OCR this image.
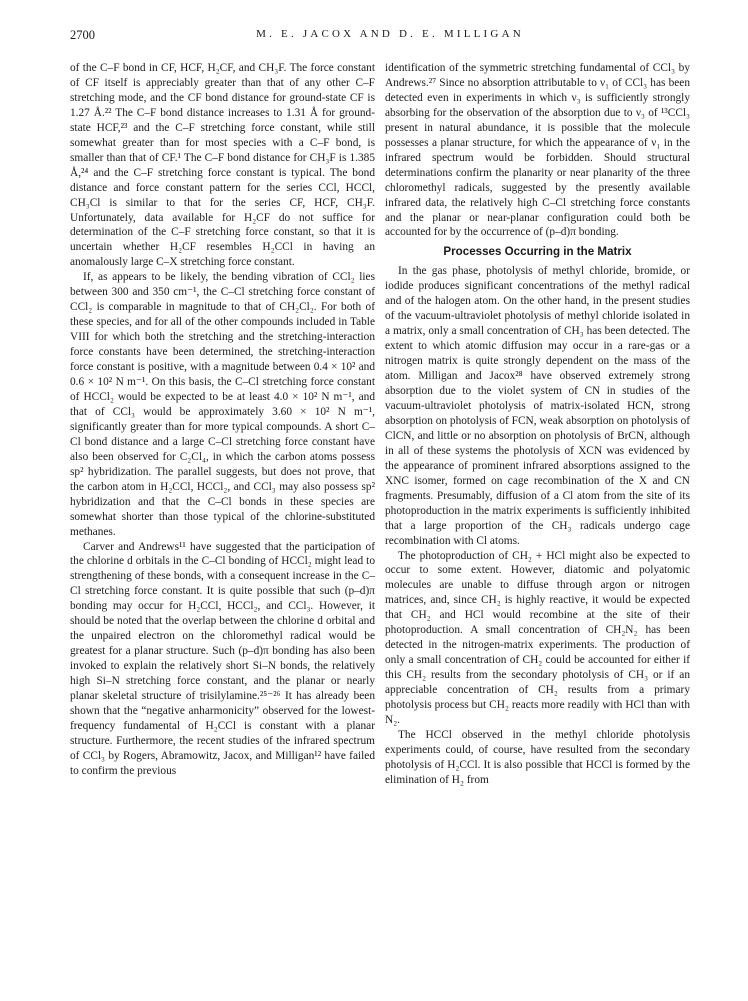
2700	M. E. JACOX AND D. E. MILLIGAN

of the C–F bond in CF, HCF, H₂CF, and CH₃F. The force constant of CF itself is appreciably greater than that of any other C–F stretching mode, and the CF bond distance for ground-state CF is 1.27 Å.²² The C–F bond distance increases to 1.31 Å for ground-state HCF,²³ and the C–F stretching force constant, while still somewhat greater than for most species with a C–F bond, is smaller than that of CF.¹ The C–F bond distance for CH₃F is 1.385 Å,²⁴ and the C–F stretching force constant is typical. The bond distance and force constant pattern for the series CCl, HCCl, CH₃Cl is similar to that for the series CF, HCF, CH₃F. Unfortunately, data available for H₂CF do not suffice for determination of the C–F stretching force constant, so that it is uncertain whether H₂CF resembles H₂CCl in having an anomalously large C–X stretching force constant.

If, as appears to be likely, the bending vibration of CCl₂ lies between 300 and 350 cm⁻¹, the C–Cl stretching force constant of CCl₂ is comparable in magnitude to that of CH₂Cl₂. For both of these species, and for all of the other compounds included in Table VIII for which both the stretching and the stretching-interaction force constants have been determined, the stretching-interaction force constant is positive, with a magnitude between 0.4 × 10² and 0.6 × 10² N m⁻¹. On this basis, the C–Cl stretching force constant of HCCl₂ would be expected to be at least 4.0 × 10² N m⁻¹, and that of CCl₃ would be approximately 3.60 × 10² N m⁻¹, significantly greater than for more typical compounds. A short C–Cl bond distance and a large C–Cl stretching force constant have also been observed for C₂Cl₄, in which the carbon atoms possess sp² hybridization. The parallel suggests, but does not prove, that the carbon atom in H₂CCl, HCCl₂, and CCl₃ may also possess sp² hybridization and that the C–Cl bonds in these species are somewhat shorter than those typical of the chlorine-substituted methanes.

Carver and Andrews¹¹ have suggested that the participation of the chlorine d orbitals in the C–Cl bonding of HCCl₂ might lead to strengthening of these bonds, with a consequent increase in the C–Cl stretching force constant. It is quite possible that such (p–d)π bonding may occur for H₂CCl, HCCl₂, and CCl₃. However, it should be noted that the overlap between the chlorine d orbital and the unpaired electron on the chloromethyl radical would be greatest for a planar structure. Such (p–d)π bonding has also been invoked to explain the relatively short Si–N bonds, the relatively high Si–N stretching force constant, and the planar or nearly planar skeletal structure of trisilylamine.²⁵⁻²⁶ It has already been shown that the “negative anharmonicity” observed for the lowest-frequency fundamental of H₂CCl is constant with a planar structure. Furthermore, the recent studies of the infrared spectrum of CCl₃ by Rogers, Abramowitz, Jacox, and Milligan¹² have failed to confirm the previous

identification of the symmetric stretching fundamental of CCl₃ by Andrews.²⁷ Since no absorption attributable to ν₁ of CCl₃ has been detected even in experiments in which ν₃ is sufficiently strongly absorbing for the observation of the absorption due to ν₃ of ¹³CCl₃ present in natural abundance, it is possible that the molecule possesses a planar structure, for which the appearance of ν₁ in the infrared spectrum would be forbidden. Should structural determinations confirm the planarity or near planarity of the three chloromethyl radicals, suggested by the presently available infrared data, the relatively high C–Cl stretching force constants and the planar or near-planar configuration could both be accounted for by the occurrence of (p–d)π bonding.

Processes Occurring in the Matrix

In the gas phase, photolysis of methyl chloride, bromide, or iodide produces significant concentrations of the methyl radical and of the halogen atom. On the other hand, in the present studies of the vacuum-ultraviolet photolysis of methyl chloride isolated in a matrix, only a small concentration of CH₃ has been detected. The extent to which atomic diffusion may occur in a rare-gas or a nitrogen matrix is quite strongly dependent on the mass of the atom. Milligan and Jacox²⁸ have observed extremely strong absorption due to the violet system of CN in studies of the vacuum-ultraviolet photolysis of matrix-isolated HCN, strong absorption on photolysis of FCN, weak absorption on photolysis of ClCN, and little or no absorption on photolysis of BrCN, although in all of these systems the photolysis of XCN was evidenced by the appearance of prominent infrared absorptions assigned to the XNC isomer, formed on cage recombination of the X and CN fragments. Presumably, diffusion of a Cl atom from the site of its photoproduction in the matrix experiments is sufficiently inhibited that a large proportion of the CH₃ radicals undergo cage recombination with Cl atoms.

The photoproduction of CH₂ + HCl might also be expected to occur to some extent. However, diatomic and polyatomic molecules are unable to diffuse through argon or nitrogen matrices, and, since CH₂ is highly reactive, it would be expected that CH₂ and HCl would recombine at the site of their photoproduction. A small concentration of CH₂N₂ has been detected in the nitrogen-matrix experiments. The production of only a small concentration of CH₂ could be accounted for either if this CH₂ results from the secondary photolysis of CH₃ or if an appreciable concentration of CH₂ results from a primary photolysis process but CH₂ reacts more readily with HCl than with N₂.

The HCCl observed in the methyl chloride photolysis experiments could, of course, have resulted from the secondary photolysis of H₂CCl. It is also possible that HCCl is formed by the elimination of H₂ from
